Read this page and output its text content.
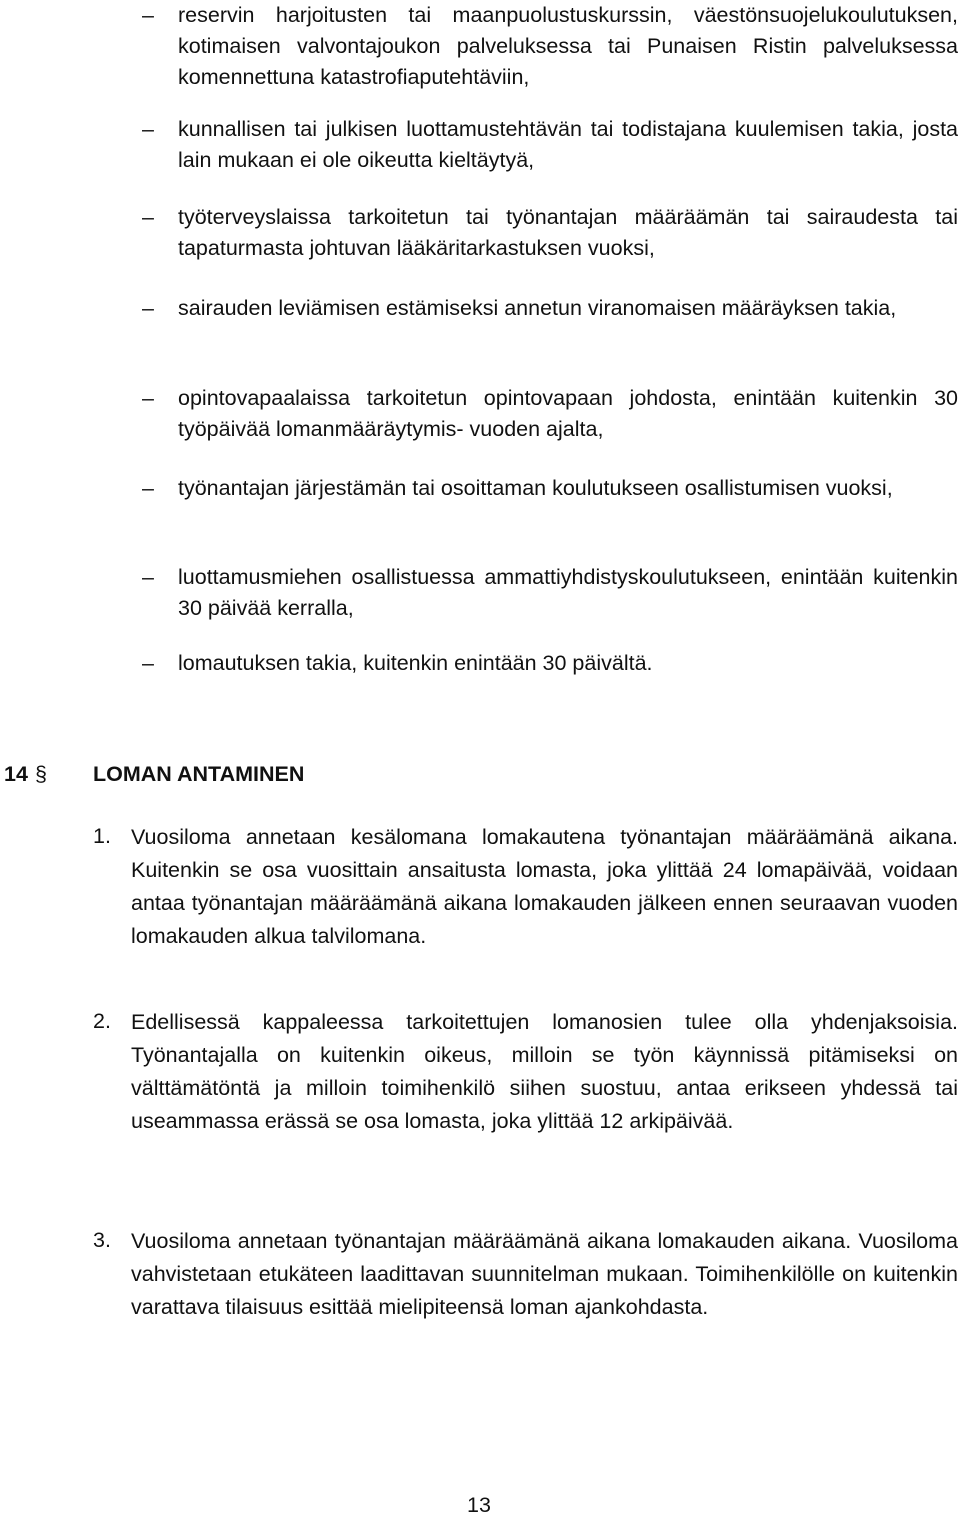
–	reservin harjoitusten tai maanpuolustuskurssin, väestönsuojelukoulutuksen, kotimaisen valvontajoukon palveluksessa tai Punaisen Ristin palveluksessa komennettuna katastrofiaputehtäviin,
–	kunnallisen tai julkisen luottamustehtävän tai todistajana kuulemisen takia, josta lain mukaan ei ole oikeutta kieltäytyä,
–	työterveyslaissa tarkoitetun tai työnantajan määräämän tai sairaudesta tai tapaturmasta johtuvan lääkäritarkastuksen vuoksi,
–	sairauden leviämisen estämiseksi annetun viranomaisen määräyksen takia,
–	opintovapaalaissa tarkoitetun opintovapaan johdosta, enintään kuitenkin 30 työpäivää lomanmääräytymis- vuoden ajalta,
–	työnantajan järjestämän tai osoittaman koulutukseen osallistumisen vuoksi,
–	luottamusmiehen osallistuessa ammattiyhdistyskoulutukseen, enintään kuitenkin 30 päivää kerralla,
–	lomautuksen takia, kuitenkin enintään 30 päivältä.
14 § LOMAN ANTAMINEN
1. Vuosiloma annetaan kesälomana lomakautena työnantajan määräämänä aikana. Kuitenkin se osa vuosittain ansaitusta lomasta, joka ylittää 24 lomapäivää, voidaan antaa työnantajan määräämänä aikana lomakauden jälkeen ennen seuraavan vuoden lomakauden alkua talvilomana.
2. Edellisessä kappaleessa tarkoitettujen lomanosien tulee olla yhdenjaksoisia. Työnantajalla on kuitenkin oikeus, milloin se työn käynnissä pitämiseksi on välttämätöntä ja milloin toimihenkilö siihen suostuu, antaa erikseen yhdessä tai useammassa erässä se osa lomasta, joka ylittää 12 arkipäivää.
3. Vuosiloma annetaan työnantajan määräämänä aikana lomakauden aikana. Vuosiloma vahvistetaan etukäteen laadittavan suunnitelman mukaan. Toimihenkilölle on kuitenkin varattava tilaisuus esittää mielipiteensä loman ajankohdasta.
13
